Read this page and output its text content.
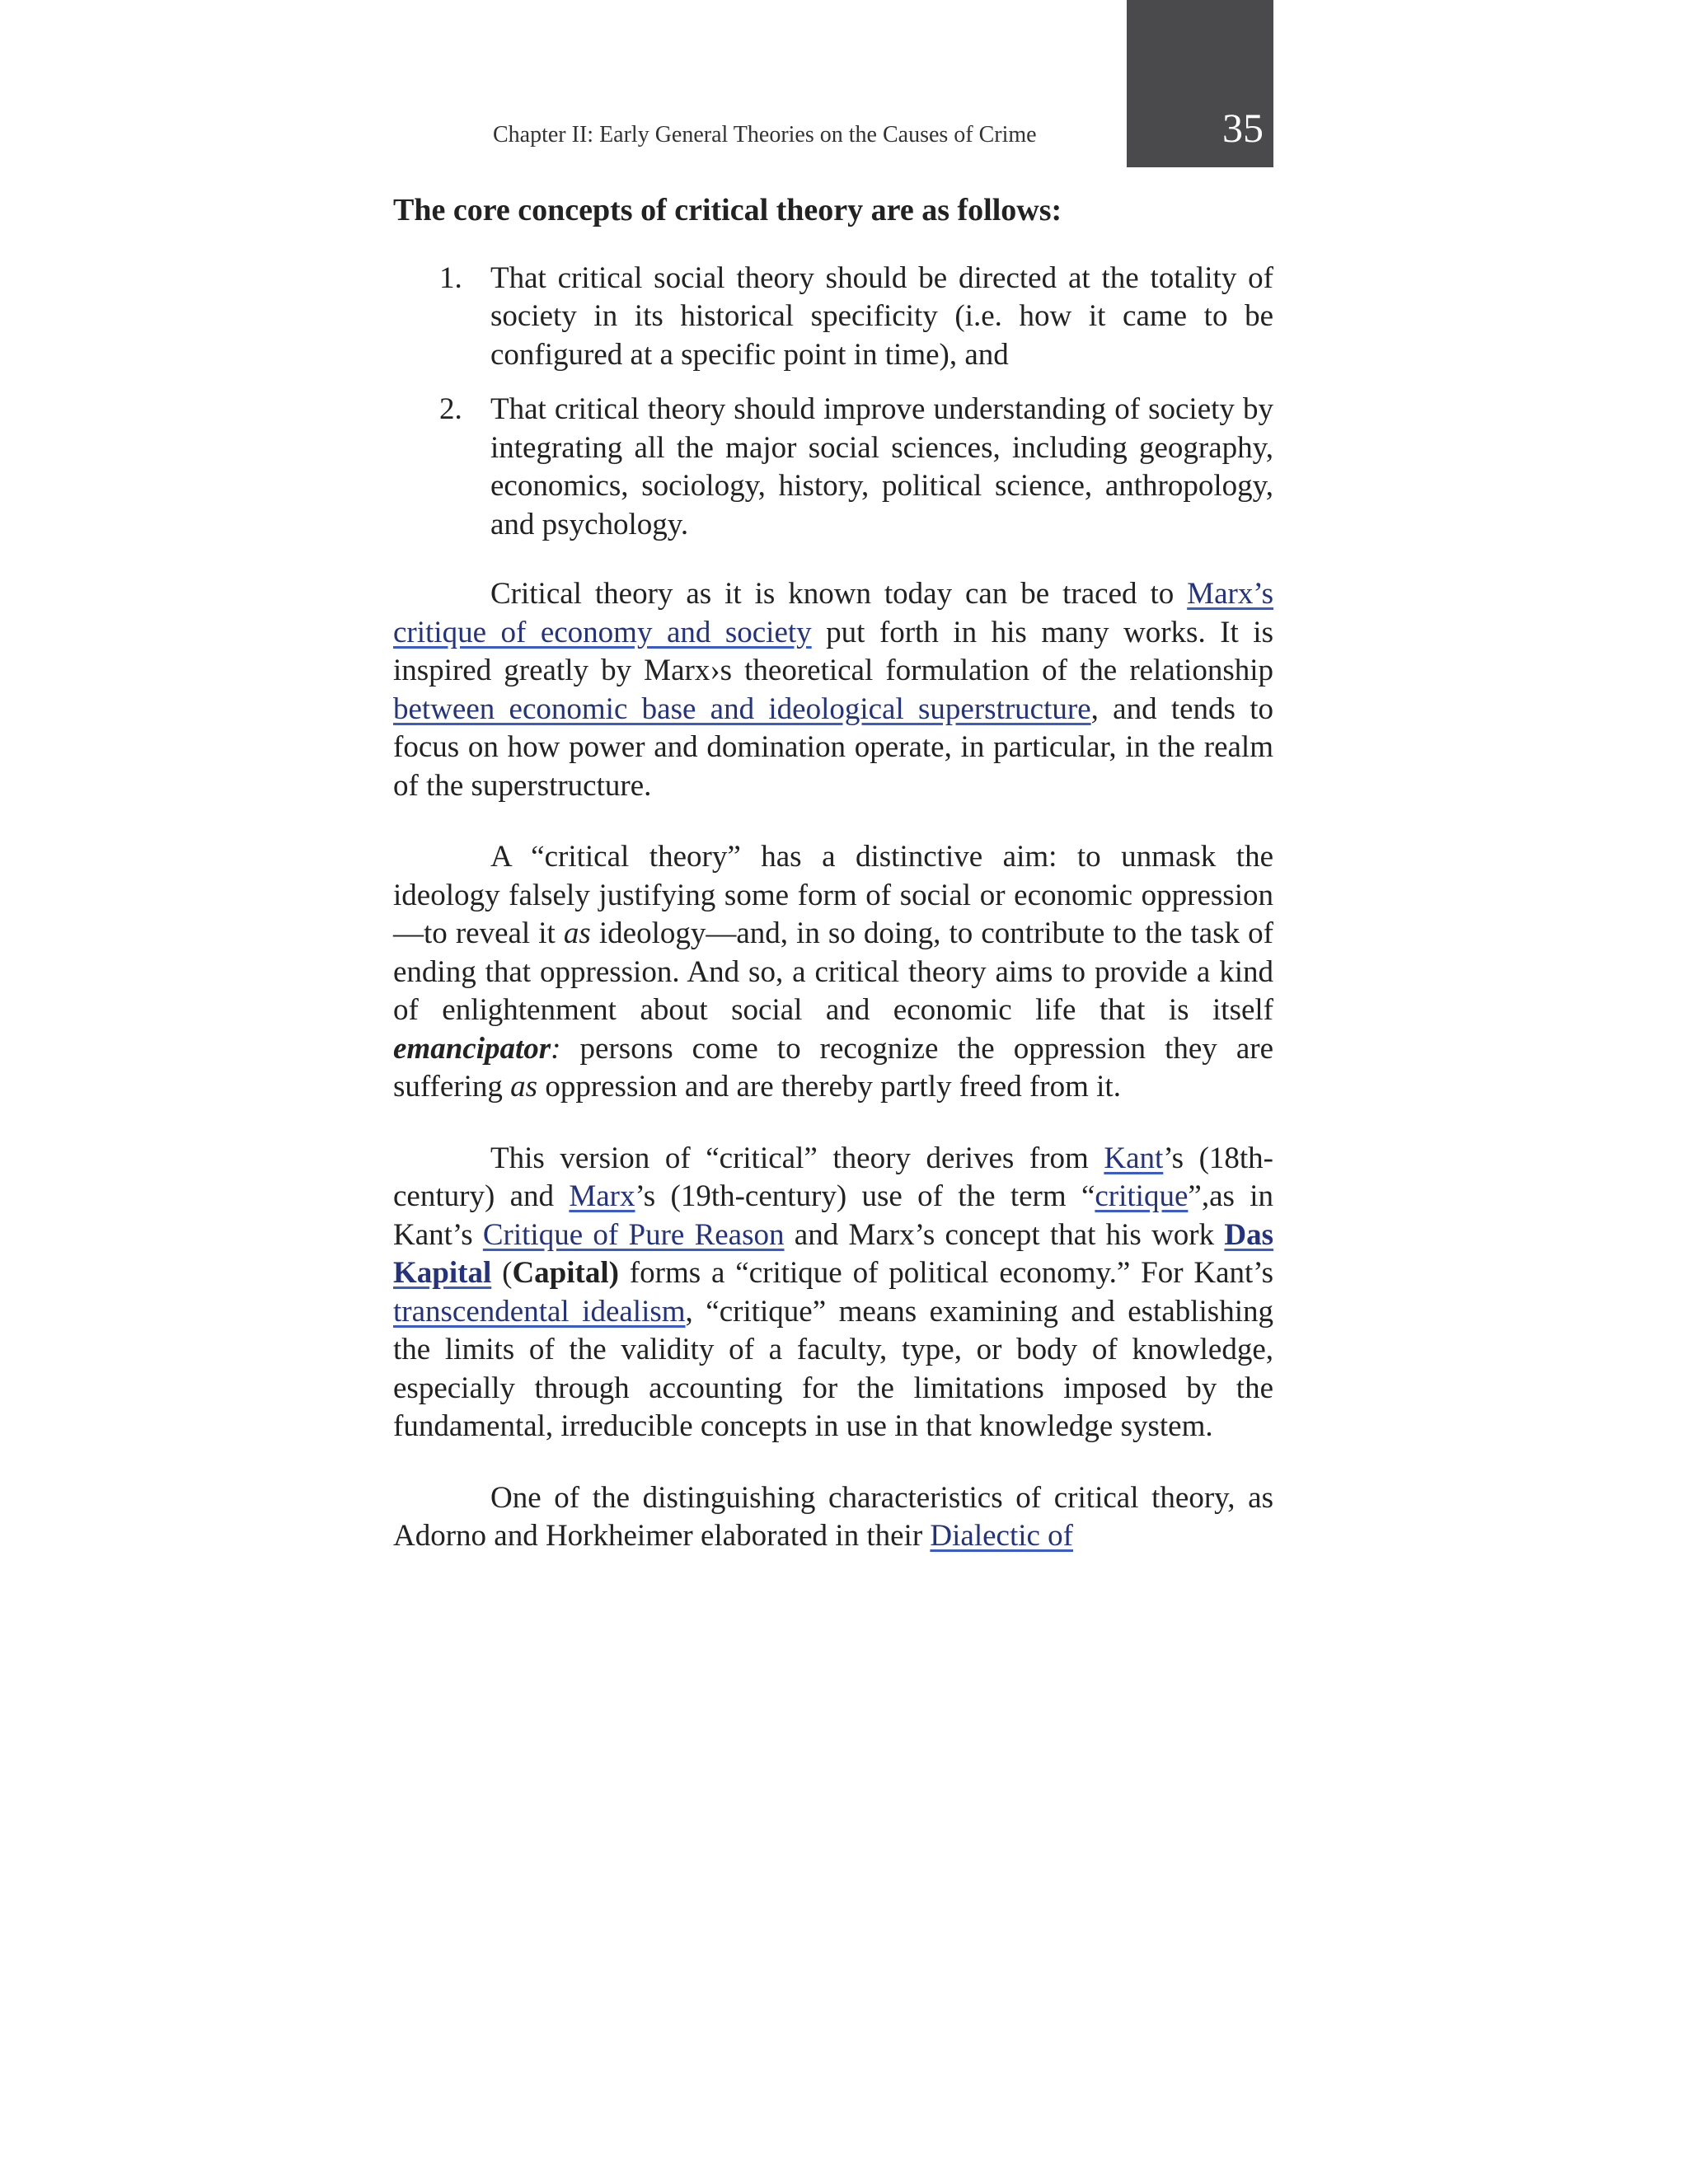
35
Chapter II: Early General Theories on the Causes of Crime
The core concepts of critical theory are as follows:
1. That critical social theory should be directed at the totality of society in its historical specificity (i.e. how it came to be configured at a specific point in time), and
2. That critical theory should improve understanding of society by integrating all the major social sciences, including geography, economics, sociology, history, political science, anthropology, and psychology.

Critical theory as it is known today can be traced to Marx’s critique of economy and society put forth in his many works. It is inspired greatly by Marx›s theoretical formulation of the relationship between economic base and ideological superstructure, and tends to focus on how power and domination operate, in particular, in the realm of the superstructure.

A “critical theory” has a distinctive aim: to unmask the ideology falsely justifying some form of social or economic oppression—to reveal it as ideology—and, in so doing, to contribute to the task of ending that oppression. And so, a critical theory aims to provide a kind of enlightenment about social and economic life that is itself emancipator: persons come to recognize the oppression they are suffering as oppression and are thereby partly freed from it.

This version of “critical” theory derives from Kant’s (18th- century) and Marx’s (19th-century) use of the term “critique”,as in Kant’s Critique of Pure Reason and Marx’s concept that his work Das Kapital (Capital) forms a “critique of political economy.” For Kant’s transcendental idealism, “critique” means examining and establishing the limits of the validity of a faculty, type, or body of knowledge, especially through accounting for the limitations imposed by the fundamental, irreducible concepts in use in that knowledge system.

One of the distinguishing characteristics of critical theory, as Adorno and Horkheimer elaborated in their Dialectic of
